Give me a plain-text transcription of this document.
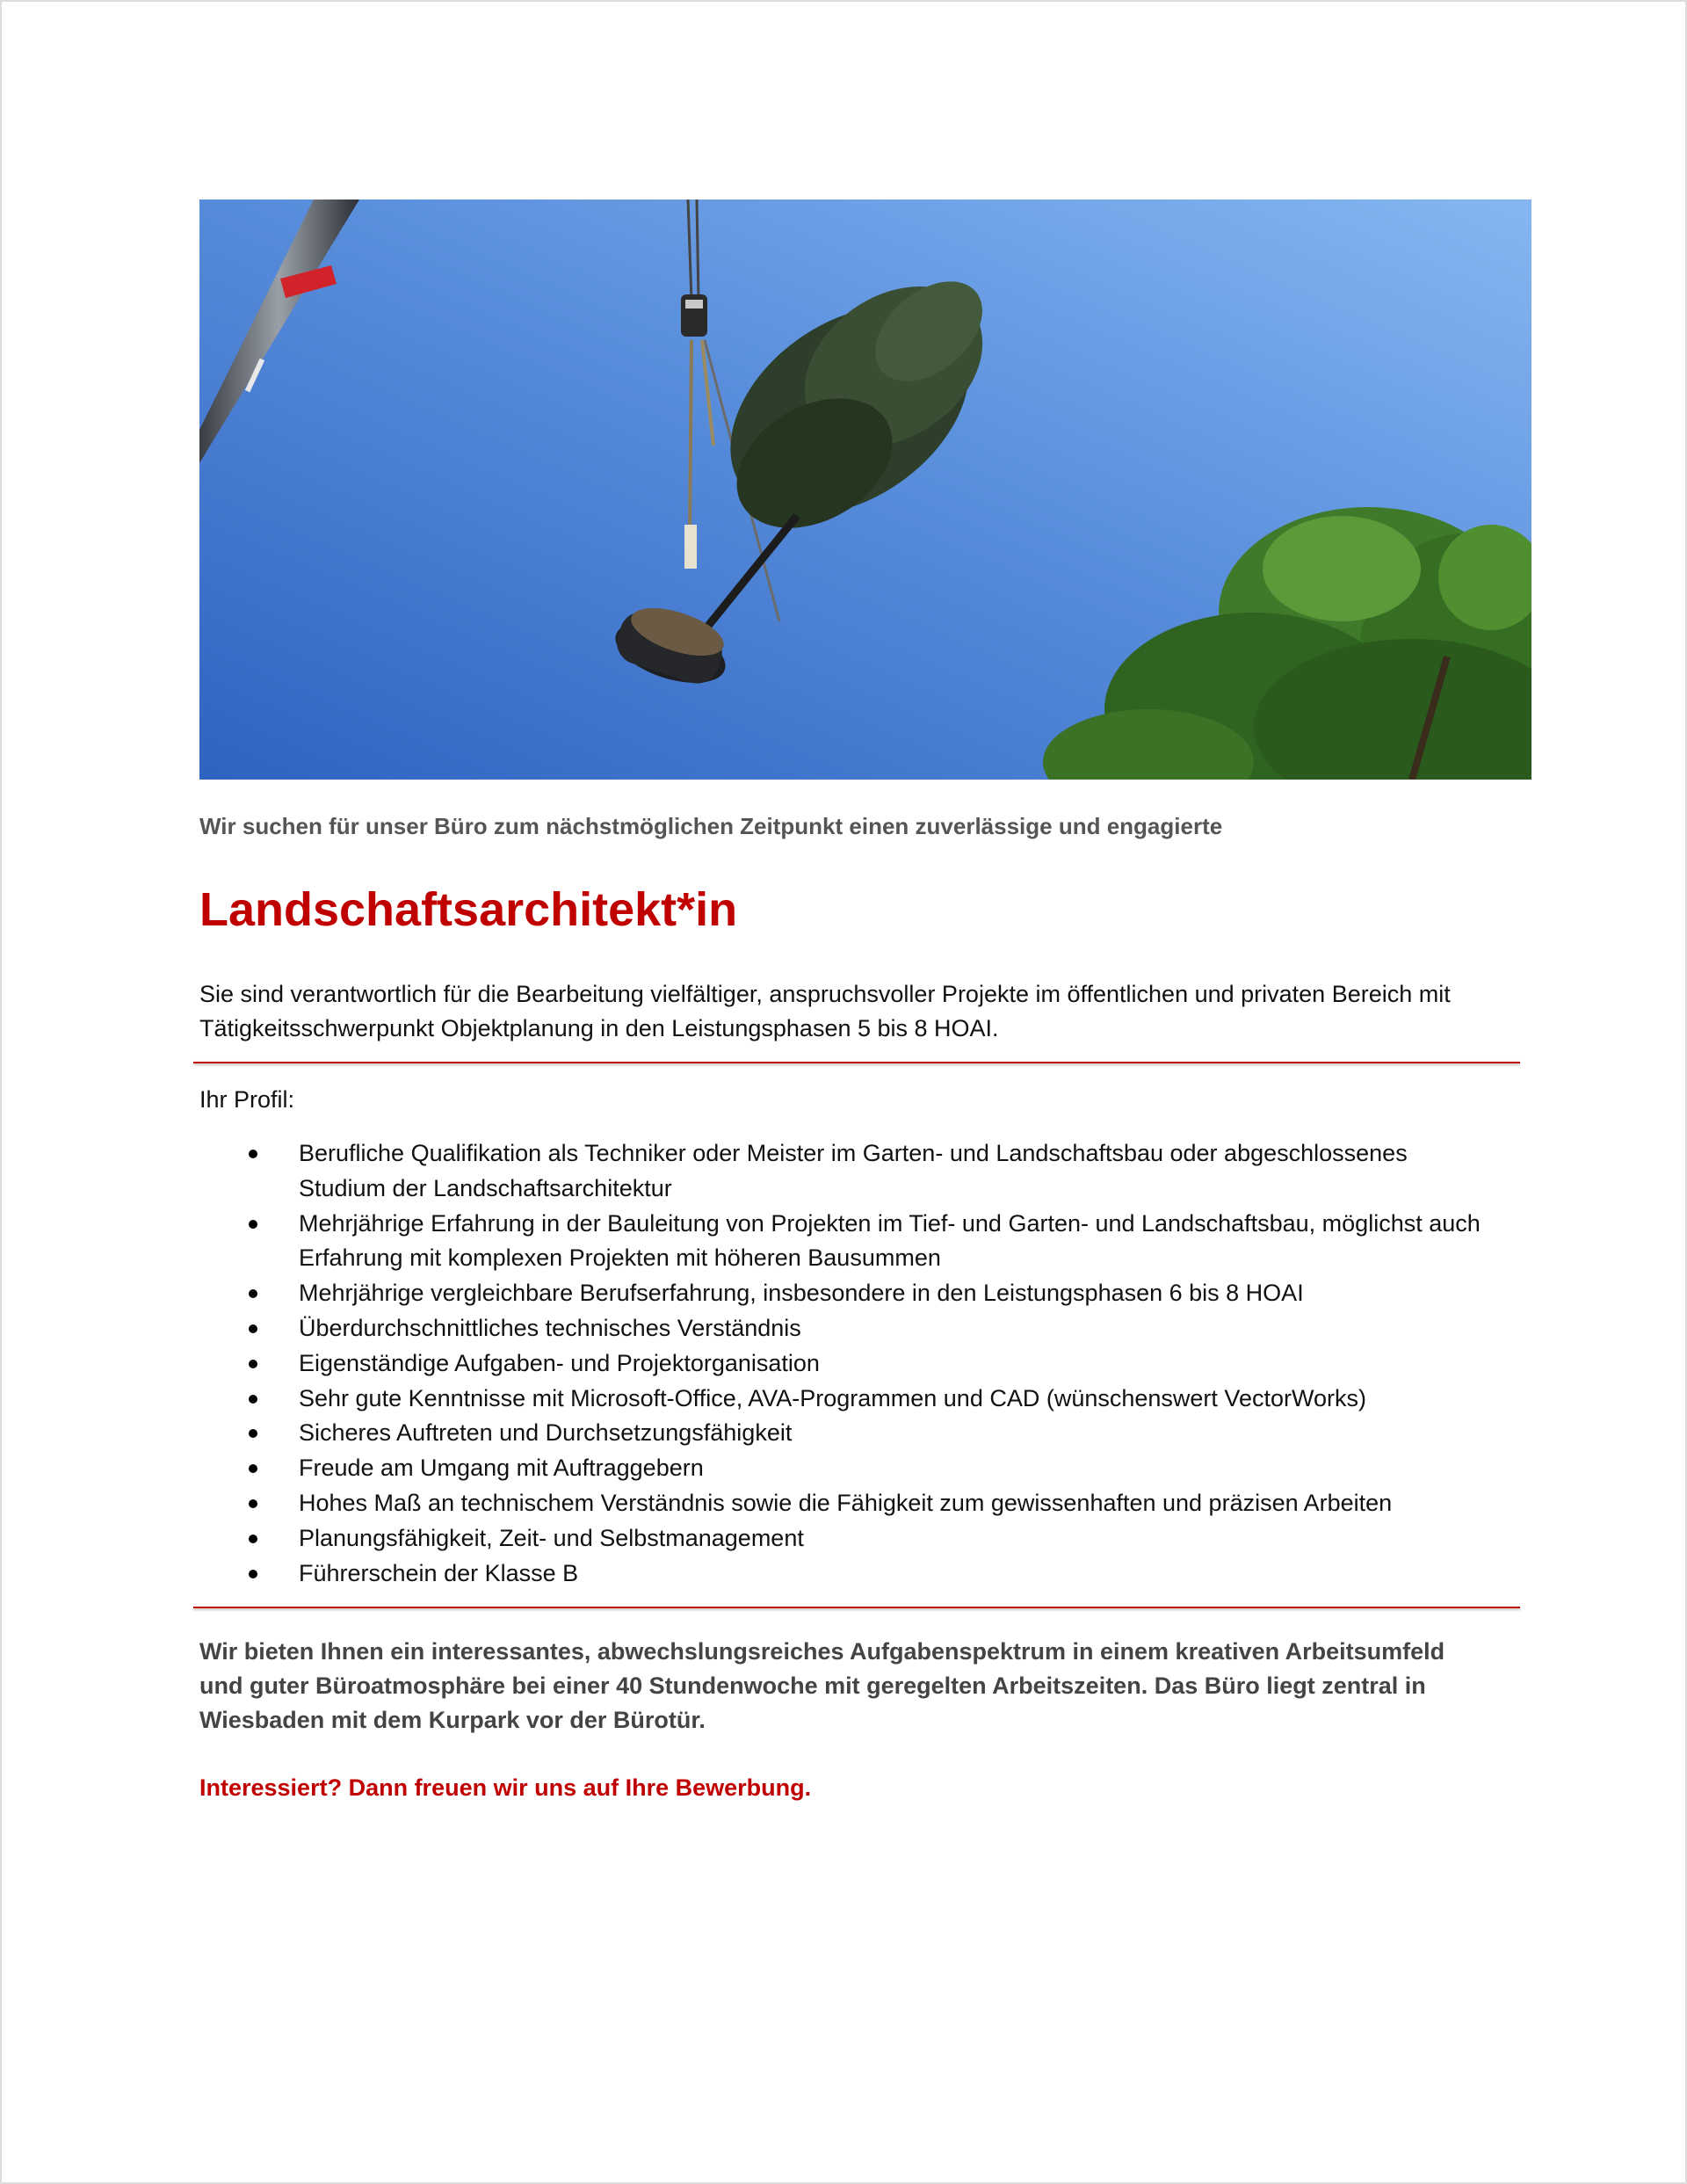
Wir suchen für unser Büro zum nächstmöglichen Zeitpunkt einen zuverlässige und engagierte

Landschaftsarchitekt*in
Sie sind verantwortlich für die Bearbeitung vielfältiger, anspruchsvoller Projekte im öffentlichen und privaten Bereich mit
Tätigkeitsschwerpunkt Objektplanung in den Leistungsphasen 5 bis 8 HOAI.

Ihr Profil:

Berufliche Qualifikation als Techniker oder Meister im Garten- und Landschaftsbau oder abgeschlossenes Studium der Landschaftsarchitektur
Mehrjährige Erfahrung in der Bauleitung von Projekten im Tief- und Garten- und Landschaftsbau, möglichst auch Erfahrung mit komplexen Projekten mit höheren Bausummen
Mehrjährige vergleichbare Berufserfahrung, insbesondere in den Leistungsphasen 6 bis 8 HOAI
Überdurchschnittliches technisches Verständnis
Eigenständige Aufgaben- und Projektorganisation
Sehr gute Kenntnisse mit Microsoft-Office, AVA-Programmen und CAD (wünschenswert VectorWorks)
Sicheres Auftreten und Durchsetzungsfähigkeit
Freude am Umgang mit Auftraggebern
Hohes Maß an technischem Verständnis sowie die Fähigkeit zum gewissenhaften und präzisen Arbeiten
Planungsfähigkeit, Zeit- und Selbstmanagement
Führerschein der Klasse B

Wir bieten Ihnen ein interessantes, abwechslungsreiches Aufgabenspektrum in einem kreativen Arbeitsumfeld und guter Büroatmosphäre bei einer 40 Stundenwoche mit geregelten Arbeitszeiten. Das Büro liegt zentral in Wiesbaden mit dem Kurpark vor der Bürotür.

Interessiert? Dann freuen wir uns auf Ihre Bewerbung.
